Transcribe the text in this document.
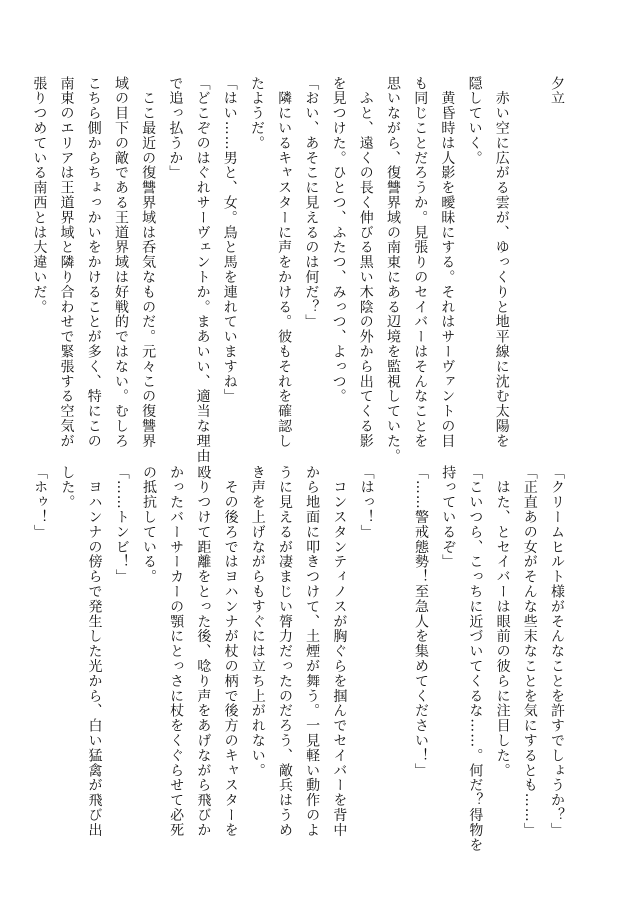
夕立
　赤い空に広がる雲が、ゆっくりと地平線に沈む太陽を
隠していく。
　黄昏時は人影を曖昧にする。それはサーヴァントの目
も同じことだろうか。見張りのセイバーはそんなことを
思いながら、復讐界域の南東にある辺境を監視していた。
　ふと、遠くの長く伸びる黒い木陰の外から出てくる影
を見つけた。ひとつ、ふたつ、みっつ、よっつ。
「おい、あそこに見えるのは何だ？」
　隣にいるキャスターに声をかける。彼もそれを確認し
たようだ。
「はい……男と、女。鳥と馬を連れていますね」
「どこぞのはぐれサーヴェントか。まあいい、適当な理由
で追っ払うか」
　ここ最近の復讐界域は呑気なものだ。元々この復讐界
域の目下の敵である王道界域は好戦的ではない。むしろ
こちら側からちょっかいをかけることが多く、特にこの
南東のエリアは王道界域と隣り合わせで緊張する空気が
張りつめている南西とは大違いだ。
「クリームヒルト様がそんなことを許すでしょうか？」
「正直あの女がそんな些末なことを気にするとも……」
　はた、とセイバーは眼前の彼らに注目した。
「こいつら、こっちに近づいてくるな……。何だ？得物を
持っているぞ」
「……警戒態勢！至急人を集めてください！」

「はっ！」
　コンスタンティノスが胸ぐらを掴んでセイバーを背中
から地面に叩きつけて、土煙が舞う。一見軽い動作のよ
うに見えるが凄まじい膂力だったのだろう、敵兵はうめ
き声を上げながらもすぐには立ち上がれない。
　その後ろではヨハンナが杖の柄で後方のキャスターを
殴りつけて距離をとった後、唸り声をあげながら飛びか
かったバーサーカーの顎にとっさに杖をくぐらせて必死
の抵抗している。
「……トンビ！」
　ヨハンナの傍らで発生した光から、白い猛禽が飛び出
した。
「ホゥ！」
